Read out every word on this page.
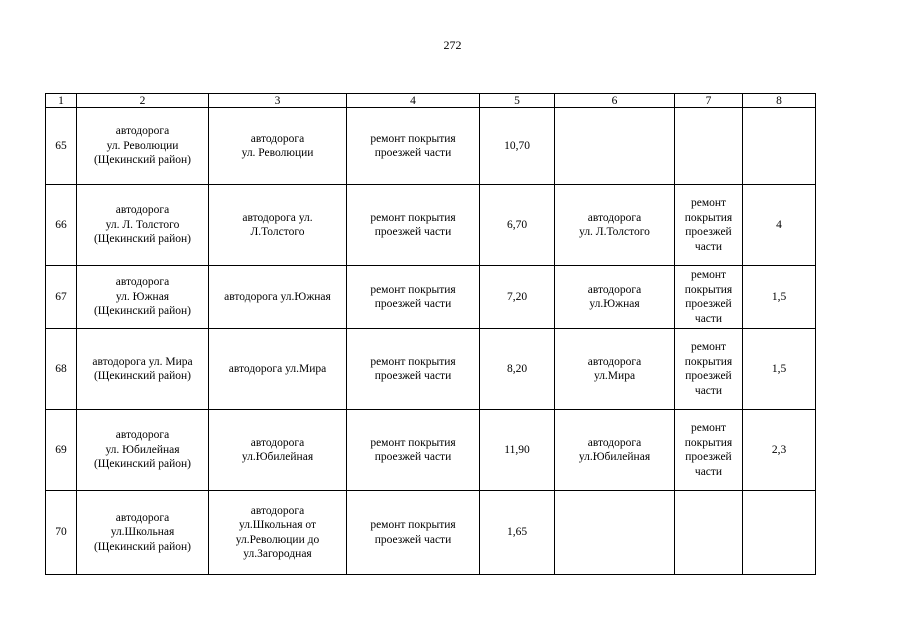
272
1	2	3	4	5	6	7	8

65	автодорога
ул. Революции
(Щекинский район)	автодорога
ул. Революции	ремонт покрытия
проезжей части	10,70			

66	автодорога
ул. Л. Толстого
(Щекинский район)	автодорога ул.
Л.Толстого	ремонт покрытия
проезжей части	6,70	автодорога
ул. Л.Толстого	ремонт
покрытия
проезжей
части	4

67	автодорога
ул. Южная
(Щекинский район)	автодорога ул.Южная	ремонт покрытия
проезжей части	7,20	автодорога
ул.Южная	ремонт
покрытия
проезжей
части	1,5

68	автодорога ул. Мира
(Щекинский район)	автодорога ул.Мира	ремонт покрытия
проезжей части	8,20	автодорога
ул.Мира	ремонт
покрытия
проезжей
части	1,5

69	автодорога
ул. Юбилейная
(Щекинский район)	автодорога
ул.Юбилейная	ремонт покрытия
проезжей части	11,90	автодорога
ул.Юбилейная	ремонт
покрытия
проезжей
части	2,3

70	автодорога
ул.Школьная
(Щекинский район)	автодорога
ул.Школьная от
ул.Революции до
ул.Загородная	ремонт покрытия
проезжей части	1,65			
